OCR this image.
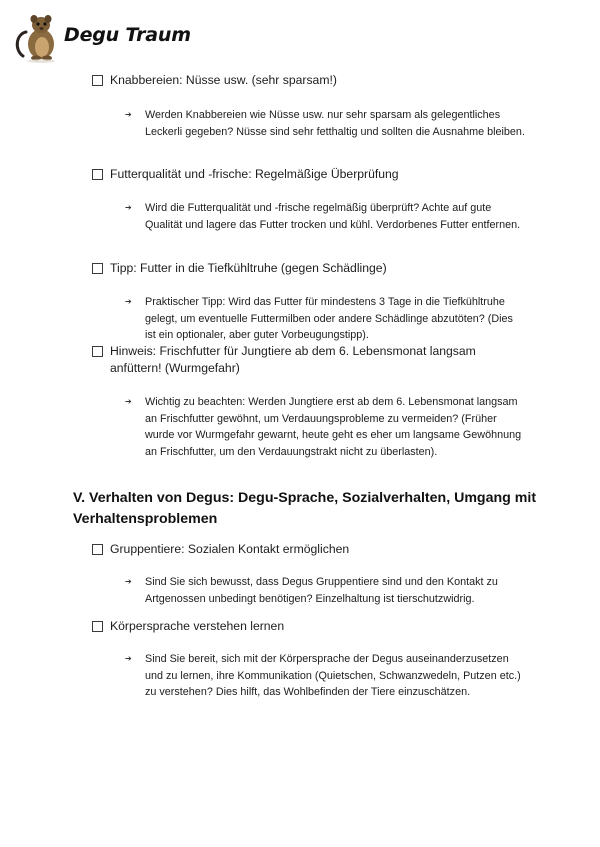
Degu Traum
Knabbereien: Nüsse usw. (sehr sparsam!)
➔	Werden Knabbereien wie Nüsse usw. nur sehr sparsam als gelegentliches Leckerli gegeben? Nüsse sind sehr fetthaltig und sollten die Ausnahme bleiben.
Futterqualität und -frische: Regelmäßige Überprüfung
➔	Wird die Futterqualität und -frische regelmäßig überprüft? Achte auf gute Qualität und lagere das Futter trocken und kühl. Verdorbenes Futter entfernen.
Tipp: Futter in die Tiefkühltruhe (gegen Schädlinge)
➔	Praktischer Tipp: Wird das Futter für mindestens 3 Tage in die Tiefkühltruhe gelegt, um eventuelle Futtermilben oder andere Schädlinge abzutöten? (Dies ist ein optionaler, aber guter Vorbeugungstipp).
Hinweis: Frischfutter für Jungtiere ab dem 6. Lebensmonat langsam anfüttern! (Wurmgefahr)
➔	Wichtig zu beachten: Werden Jungtiere erst ab dem 6. Lebensmonat langsam an Frischfutter gewöhnt, um Verdauungsprobleme zu vermeiden? (Früher wurde vor Wurmgefahr gewarnt, heute geht es eher um langsame Gewöhnung an Frischfutter, um den Verdauungstrakt nicht zu überlasten).
V. Verhalten von Degus: Degu-Sprache, Sozialverhalten, Umgang mit Verhaltensproblemen
Gruppentiere: Sozialen Kontakt ermöglichen
➔	Sind Sie sich bewusst, dass Degus Gruppentiere sind und den Kontakt zu Artgenossen unbedingt benötigen? Einzelhaltung ist tierschutzwidrig.
Körpersprache verstehen lernen
➔	Sind Sie bereit, sich mit der Körpersprache der Degus auseinanderzusetzen und zu lernen, ihre Kommunikation (Quietschen, Schwanzwedeln, Putzen etc.) zu verstehen? Dies hilft, das Wohlbefinden der Tiere einzuschätzen.
